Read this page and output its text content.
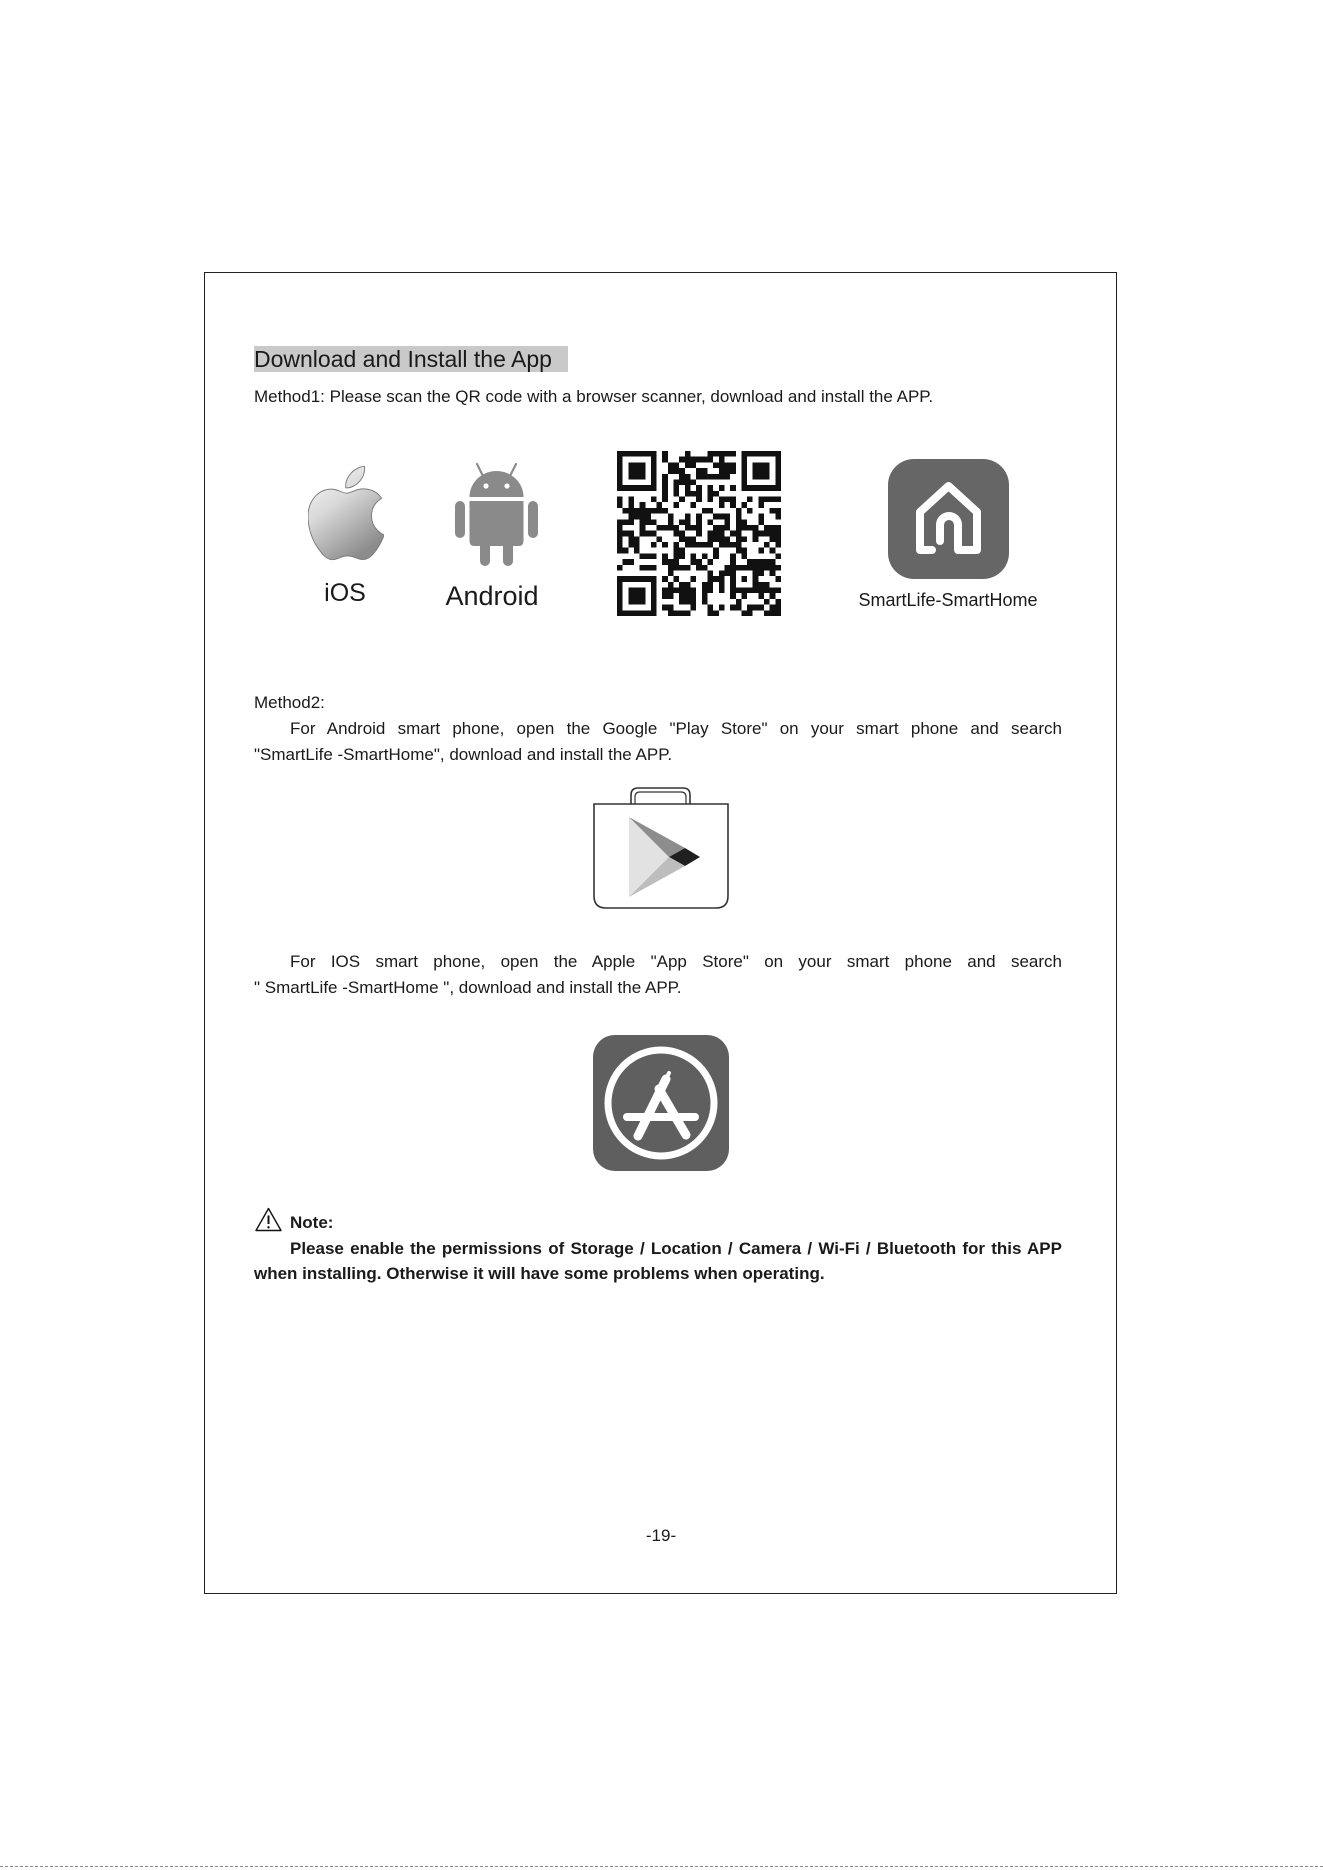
Download and Install the App
Method1: Please scan the QR code with a browser scanner, download and install the APP.
iOS	Android	SmartLife-SmartHome
Method2:
For Android smart phone, open the Google "Play Store" on your smart phone and search
"SmartLife -SmartHome", download and install the APP.
For IOS smart phone, open the Apple "App Store" on your smart phone and search
" SmartLife -SmartHome ", download and install the APP.
Note:
Please enable the permissions of Storage / Location / Camera / Wi-Fi / Bluetooth for this APP
when installing. Otherwise it will have some problems when operating.
-19-
